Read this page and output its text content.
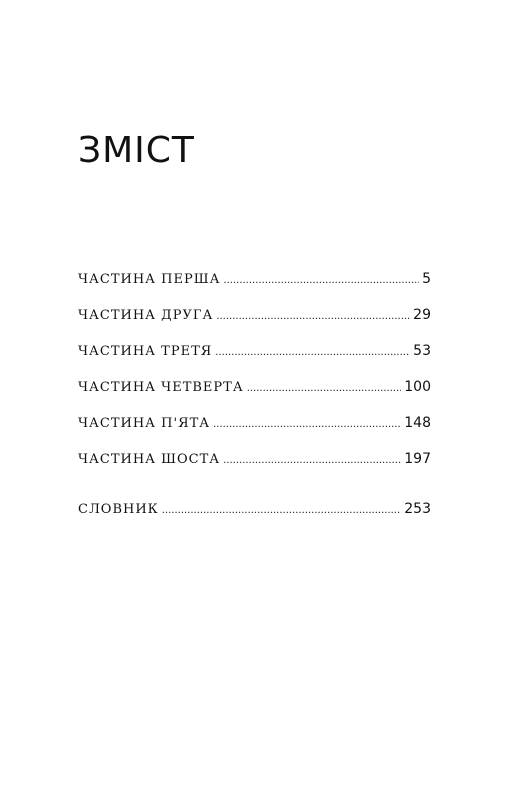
ЗМІСТ
ЧАСТИНА ПЕРША .....	5
ЧАСТИНА ДРУГА .....	29
ЧАСТИНА ТРЕТЯ .....	53
ЧАСТИНА ЧЕТВЕРТА .....	100
ЧАСТИНА П'ЯТА .....	148
ЧАСТИНА ШОСТА .....	197
СЛОВНИК .....	253
